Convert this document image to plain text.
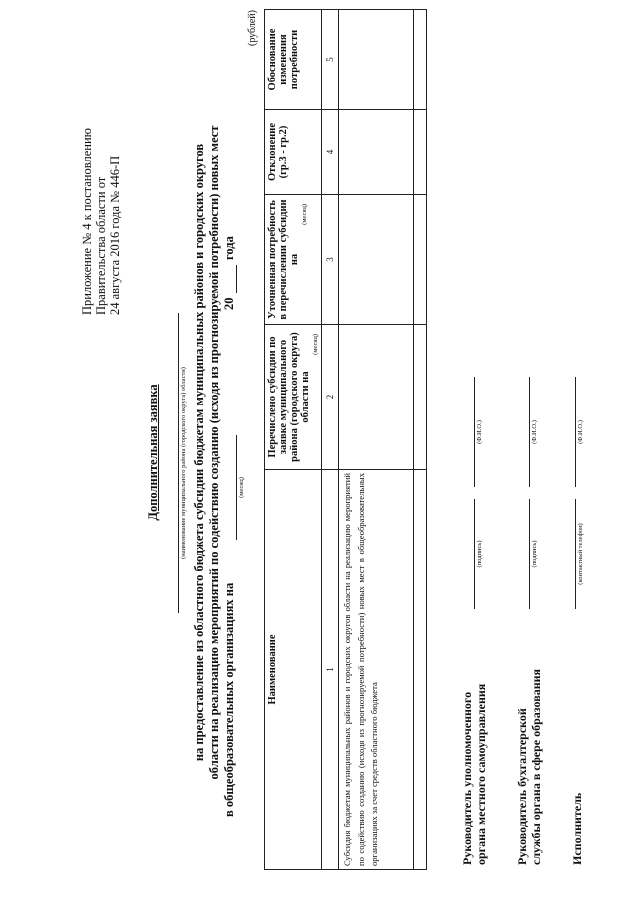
Приложение № 4 к постановлению Правительства области от 24 августа 2016 года № 446-П
Дополнительная заявка	(наименование муниципального района (городского округа) области) на предоставление из областного бюджета субсидии бюджетам муниципальных районов и городских округов области на реализацию мероприятий по содействию созданию (исходя из прогнозируемой потребности) новых мест в общеобразовательных организациях на
(месяц)
20
года
(рублей)
Наименование	Перечислено субсидии по заявке муниципального района (городского округа) области на
(месяц)	Уточненная потребность в перечислении субсидии на
(месяц)	Отклонение (гр.3 - гр.2)	Обоснование изменения потребности
1	2	3	4	5
Субсидия бюджетам муниципальных районов и городских округов области на реализацию мероприятий по содействию созданию (исходя из прогнозируемой потребности) новых мест в общеобразовательных организациях за счет средств областного бюджета				
					Руководитель уполномоченного органа местного самоуправления
(подпись)
(Ф.И.О.)
Руководитель бухгалтерской службы органа в сфере образования
(подпись)
(Ф.И.О.)
Исполнитель
(контактный телефон)
(Ф.И.О.)
